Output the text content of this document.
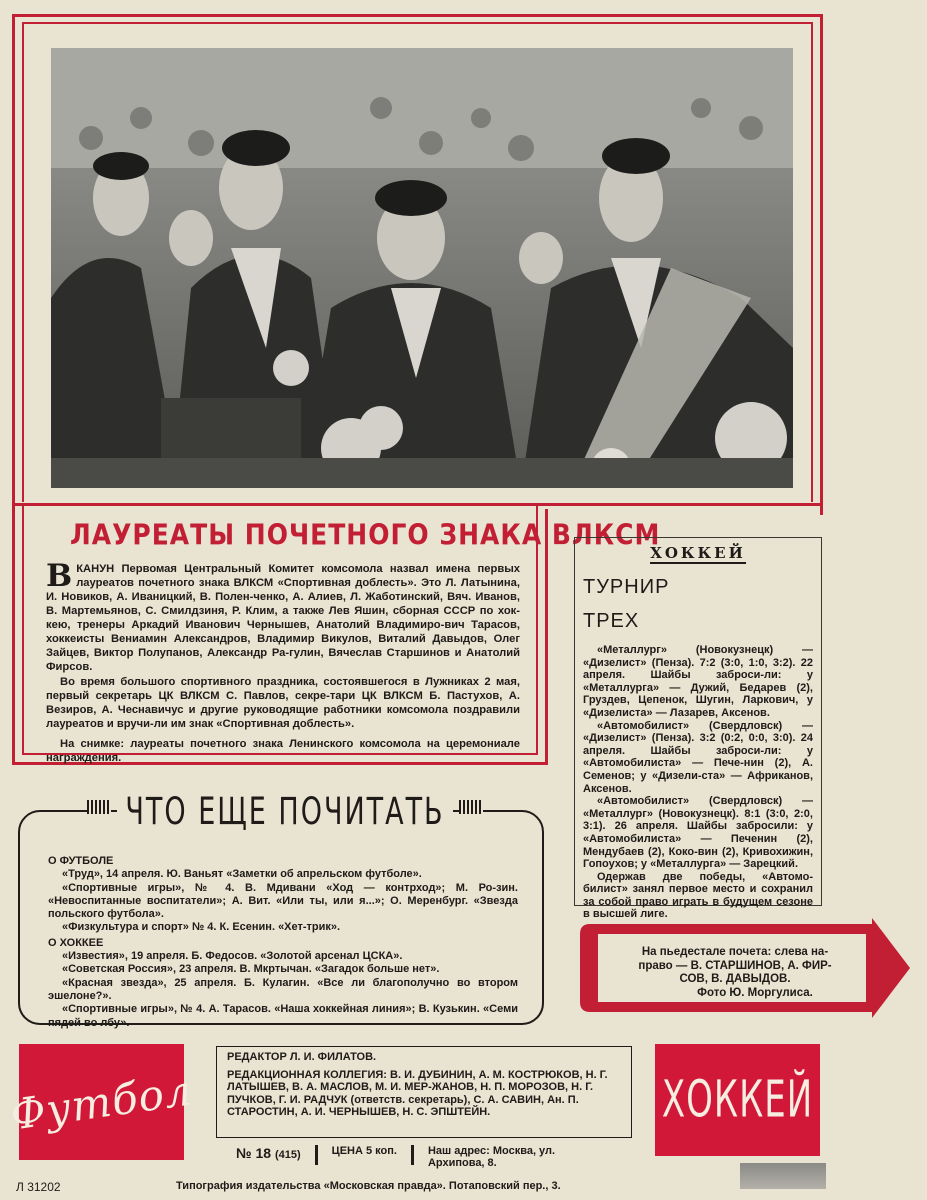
ЛАУРЕАТЫ ПОЧЕТНОГО ЗНАКА ВЛКСМ

ВКАНУН Первомая Центральный Комитет комсомола назвал имена первых лауреатов почетного знака ВЛКСМ «Спортивная доблесть». Это Л. Латынина, И. Новиков, А. Иваницкий, В. Полен-ченко, А. Алиев, Л. Жаботинский, Вяч. Иванов, В. Мартемьянов, С. Смилдзиня, Р. Клим, а также Лев Яшин, сборная СССР по хок-кею, тренеры Аркадий Иванович Чернышев, Анатолий Владимиро-вич Тарасов, хоккеисты Вениамин Александров, Владимир Викулов, Виталий Давыдов, Олег Зайцев, Виктор Полупанов, Александр Ра-гулин, Вячеслав Старшинов и Анатолий Фирсов.

Во время большого спортивного праздника, состоявшегося в Лужниках 2 мая, первый секретарь ЦК ВЛКСМ С. Павлов, секре-тари ЦК ВЛКСМ Б. Пастухов, А. Везиров, А. Чеснавичус и другие руководящие работники комсомола поздравили лауреатов и вручи-ли им знак «Спортивная доблесть».

На снимке: лауреаты почетного знака Ленинского комсомола на церемониале награждения.

ХОККЕЙ
ТУРНИР
ТРЕХ

«Металлург» (Новокузнецк) — «Дизелист» (Пенза). 7:2 (3:0, 1:0, 3:2). 22 апреля. Шайбы заброси-ли: у «Металлурга» — Дужий, Бедарев (2), Груздев, Цепенок, Шугин, Ларкович, у «Дизелиста» — Лазарев, Аксенов.

«Автомобилист» (Свердловск) — «Дизелист» (Пенза). 3:2 (0:2, 0:0, 3:0). 24 апреля. Шайбы заброси-ли: у «Автомобилиста» — Пече-нин (2), А. Семенов; у «Дизели-ста» — Африканов, Аксенов.

«Автомобилист» (Свердловск) — «Металлург» (Новокузнецк). 8:1 (3:0, 2:0, 3:1). 26 апреля. Шайбы забросили: у «Автомобилиста» — Печенин (2), Мендубаев (2), Коко-вин (2), Кривохижин, Гопоухов; у «Металлурга» — Зарецкий.

Одержав две победы, «Автомо-билист» занял первое место и сохранил за собой право играть в будущем сезоне в высшей лиге.

ЧТО ЕЩЕ ПОЧИТАТЬ

О ФУТБОЛЕ

«Труд», 14 апреля. Ю. Ваньят «Заметки об апрельском футболе».

«Спортивные игры», № 4. В. Мдивани «Ход — контрход»; М. Ро-зин. «Невоспитанные воспитатели»; А. Вит. «Или ты, или я...»; О. Меренбург. «Звезда польского футбола».

«Физкультура и спорт» № 4. К. Есенин. «Хет-трик».

О ХОККЕЕ

«Известия», 19 апреля. Б. Федосов. «Золотой арсенал ЦСКА».

«Советская Россия», 23 апреля. В. Мкртычан. «Загадок больше нет».

«Красная звезда», 25 апреля. Б. Кулагин. «Все ли благополучно во втором эшелоне?».

«Спортивные игры», № 4. А. Тарасов. «Наша хоккейная линия»; В. Кузькин. «Семи пядей во лбу».

На пьедестале почета: слева на-
право — В. СТАРШИНОВ, А. ФИР-
СОВ, В. ДАВЫДОВ.
Фото Ю. Моргулиса.
Футбол

РЕДАКТОР Л. И. ФИЛАТОВ.

РЕДАКЦИОННАЯ КОЛЛЕГИЯ: В. И. ДУБИНИН, А. М. КОСТРЮКОВ, Н. Г. ЛАТЫШЕВ, В. А. МАСЛОВ, М. И. МЕР-ЖАНОВ, Н. П. МОРОЗОВ, Н. Г. ПУЧКОВ, Г. И. РАДЧУК (ответств. секретарь), С. А. САВИН, Ан. П. СТАРОСТИН, А. И. ЧЕРНЫШЕВ, Н. С. ЭПШТЕЙН.

№ 18 (415)	ЦЕНА 5 коп.	Наш адрес: Москва, ул. Архипова, 8.
ХОККЕЙ
Л 31202	Типография издательства «Московская правда». Потаповский пер., 3.
